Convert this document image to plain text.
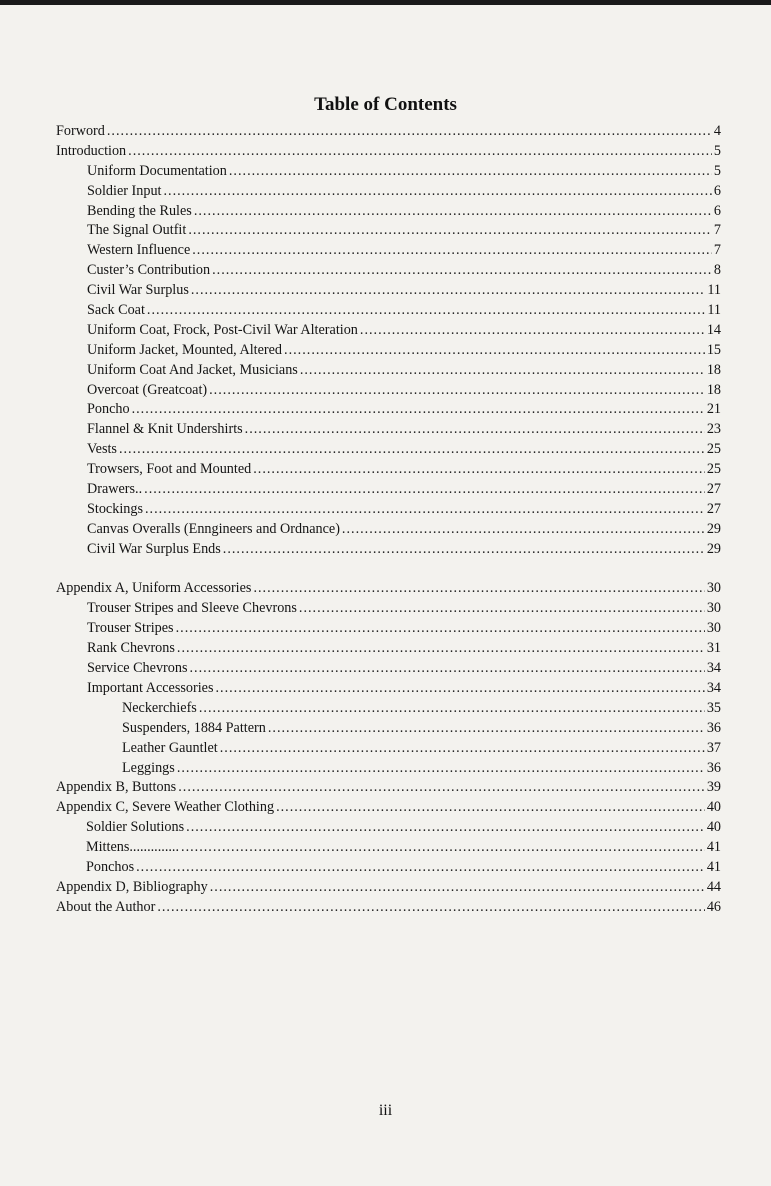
Table of Contents
Forword .....	4
Introduction .....	5
Uniform Documentation .....	5
Soldier Input .....	6
Bending the Rules .....	6
The Signal Outfit .....	7
Western Influence .....	7
Custer’s Contribution .....	8
Civil War Surplus .....	11
Sack Coat .....	11
Uniform Coat, Frock, Post-Civil War Alteration .....	14
Uniform Jacket, Mounted, Altered .....	15
Uniform Coat And Jacket, Musicians .....	18
Overcoat (Greatcoat) .....	18
Poncho .....	21
Flannel & Knit Undershirts .....	23
Vests .....	25
Trowsers, Foot and Mounted .....	25
Drawers.. .....	27
Stockings .....	27
Canvas Overalls (Enngineers and Ordnance) .....	29
Civil War Surplus Ends .....	29
Appendix A, Uniform Accessories .....	30
Trouser Stripes and Sleeve Chevrons .....	30
Trouser Stripes .....	30
Rank Chevrons .....	31
Service Chevrons .....	34
Important Accessories .....	34
Neckerchiefs .....	35
Suspenders, 1884 Pattern .....	36
Leather Gauntlet .....	37
Leggings .....	36
Appendix B, Buttons .....	39
Appendix C, Severe Weather Clothing .....	40
Soldier Solutions .....	40
Mittens.............. .....	41
Ponchos .....	41
Appendix D, Bibliography .....	44
About the Author .....	46
iii
